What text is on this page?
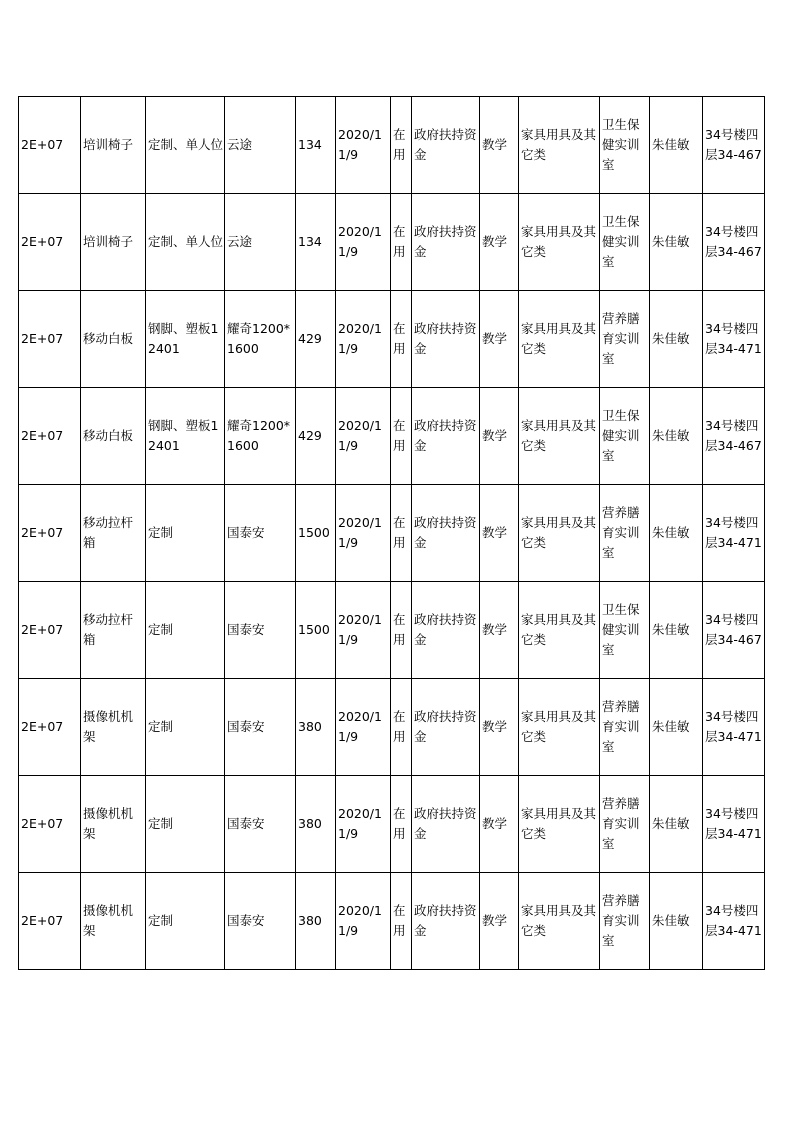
2E+07	培训椅子	定制、单人位	云途	134	2020/11/9	在用	政府扶持资金	教学	家具用具及其它类	卫生保健实训室	朱佳敏	34号楼四层34-467
2E+07	培训椅子	定制、单人位	云途	134	2020/11/9	在用	政府扶持资金	教学	家具用具及其它类	卫生保健实训室	朱佳敏	34号楼四层34-467
2E+07	移动白板	钢脚、塑板12401	耀奇1200*1600	429	2020/11/9	在用	政府扶持资金	教学	家具用具及其它类	营养膳育实训室	朱佳敏	34号楼四层34-471
2E+07	移动白板	钢脚、塑板12401	耀奇1200*1600	429	2020/11/9	在用	政府扶持资金	教学	家具用具及其它类	卫生保健实训室	朱佳敏	34号楼四层34-467
2E+07	移动拉杆箱	定制	国泰安	1500	2020/11/9	在用	政府扶持资金	教学	家具用具及其它类	营养膳育实训室	朱佳敏	34号楼四层34-471
2E+07	移动拉杆箱	定制	国泰安	1500	2020/11/9	在用	政府扶持资金	教学	家具用具及其它类	卫生保健实训室	朱佳敏	34号楼四层34-467
2E+07	摄像机机架	定制	国泰安	380	2020/11/9	在用	政府扶持资金	教学	家具用具及其它类	营养膳育实训室	朱佳敏	34号楼四层34-471
2E+07	摄像机机架	定制	国泰安	380	2020/11/9	在用	政府扶持资金	教学	家具用具及其它类	营养膳育实训室	朱佳敏	34号楼四层34-471
2E+07	摄像机机架	定制	国泰安	380	2020/11/9	在用	政府扶持资金	教学	家具用具及其它类	营养膳育实训室	朱佳敏	34号楼四层34-471
